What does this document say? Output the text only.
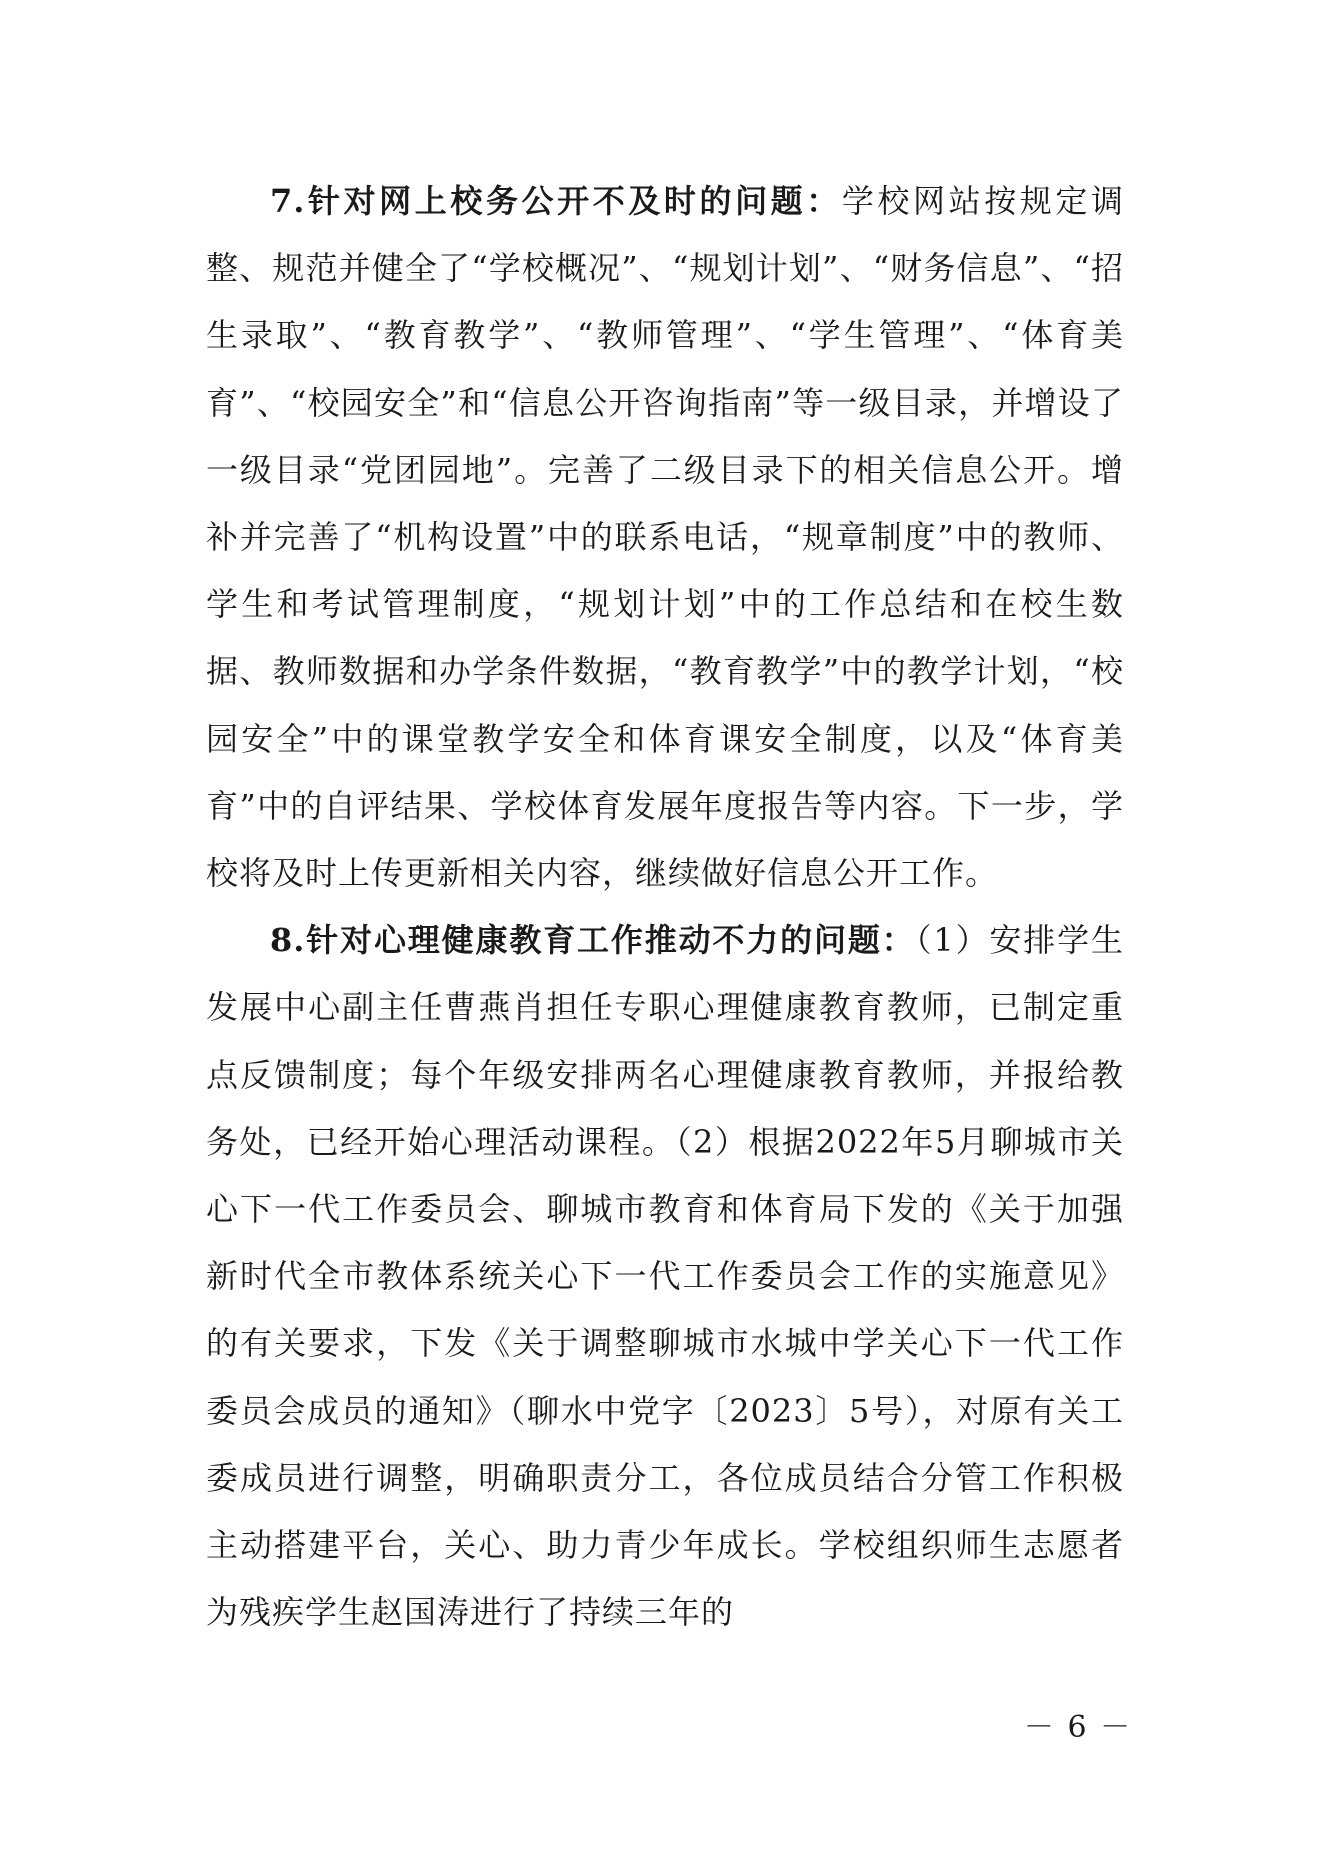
7.针对网上校务公开不及时的问题：学校网站按规定调整、规范并健全了“学校概况”、“规划计划”、“财务信息”、“招生录取”、“教育教学”、“教师管理”、“学生管理”、“体育美育”、“校园安全”和“信息公开咨询指南”等一级目录，并增设了一级目录“党团园地”。完善了二级目录下的相关信息公开。增补并完善了“机构设置”中的联系电话，“规章制度”中的教师、学生和考试管理制度，“规划计划”中的工作总结和在校生数据、教师数据和办学条件数据，“教育教学”中的教学计划，“校园安全”中的课堂教学安全和体育课安全制度，以及“体育美育”中的自评结果、学校体育发展年度报告等内容。下一步，学校将及时上传更新相关内容，继续做好信息公开工作。

8.针对心理健康教育工作推动不力的问题：（1）安排学生发展中心副主任曹燕肖担任专职心理健康教育教师，已制定重点反馈制度；每个年级安排两名心理健康教育教师，并报给教务处，已经开始心理活动课程。（2）根据2022年5月聊城市关心下一代工作委员会、聊城市教育和体育局下发的《关于加强新时代全市教体系统关心下一代工作委员会工作的实施意见》的有关要求，下发《关于调整聊城市水城中学关心下一代工作委员会成员的通知》（聊水中党字〔2023〕5号），对原有关工委成员进行调整，明确职责分工，各位成员结合分管工作积极主动搭建平台，关心、助力青少年成长。学校组织师生志愿者为残疾学生赵国涛进行了持续三年的

－ 6 －
